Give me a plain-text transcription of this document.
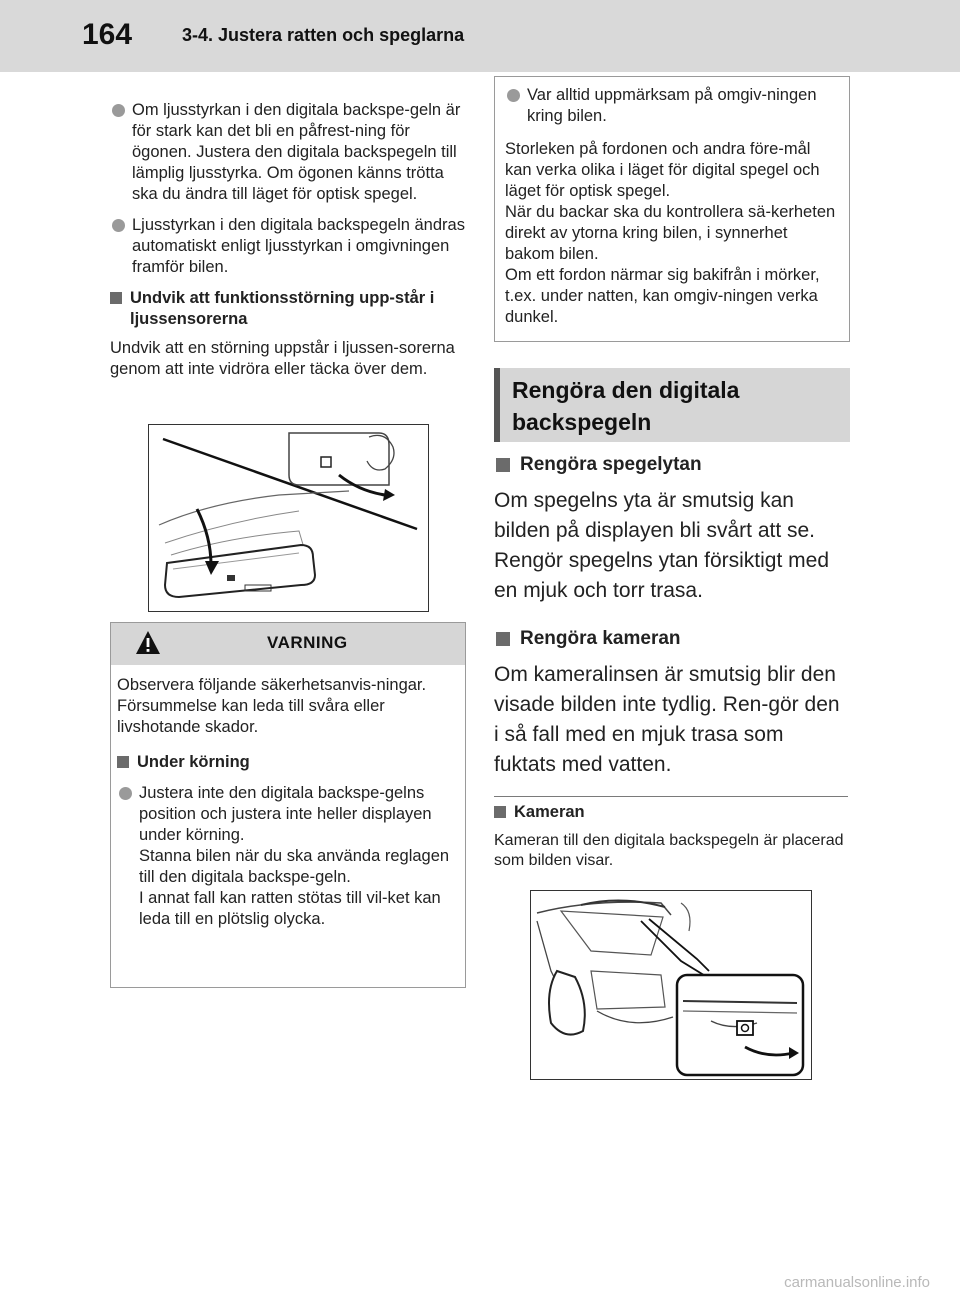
164	3-4. Justera ratten och speglarna
Om ljusstyrkan i den digitala backspe-geln är för stark kan det bli en påfrest-ning för ögonen. Justera den digitala backspegeln till lämplig ljusstyrka. Om ögonen känns trötta ska du ändra till läget för optisk spegel.
Ljusstyrkan i den digitala backspegeln ändras automatiskt enligt ljusstyrkan i omgivningen framför bilen.
Undvik att funktionsstörning upp-står i ljussensorerna
Undvik att en störning uppstår i ljussen-sorerna genom att inte vidröra eller täcka över dem.
VARNING
Observera följande säkerhetsanvis-ningar.
Försummelse kan leda till svåra eller livshotande skador.
Under körning
Justera inte den digitala backspe-gelns position och justera inte heller displayen under körning.
Stanna bilen när du ska använda reglagen till den digitala backspe-geln.
I annat fall kan ratten stötas till vil-ket kan leda till en plötslig olycka.
Var alltid uppmärksam på omgiv-ningen kring bilen.
Storleken på fordonen och andra före-mål kan verka olika i läget för digital spegel och läget för optisk spegel.
När du backar ska du kontrollera sä-kerheten direkt av ytorna kring bilen, i synnerhet bakom bilen.
Om ett fordon närmar sig bakifrån i mörker, t.ex. under natten, kan omgiv-ningen verka dunkel.
Rengöra den digitala backspegeln
Rengöra spegelytan
Om spegelns yta är smutsig kan bilden på displayen bli svårt att se. Rengör spegelns ytan försiktigt med en mjuk och torr trasa.
Rengöra kameran
Om kameralinsen är smutsig blir den visade bilden inte tydlig. Ren-gör den i så fall med en mjuk trasa som fuktats med vatten.
Kameran
Kameran till den digitala backspegeln är placerad som bilden visar.
carmanualsonline.info
